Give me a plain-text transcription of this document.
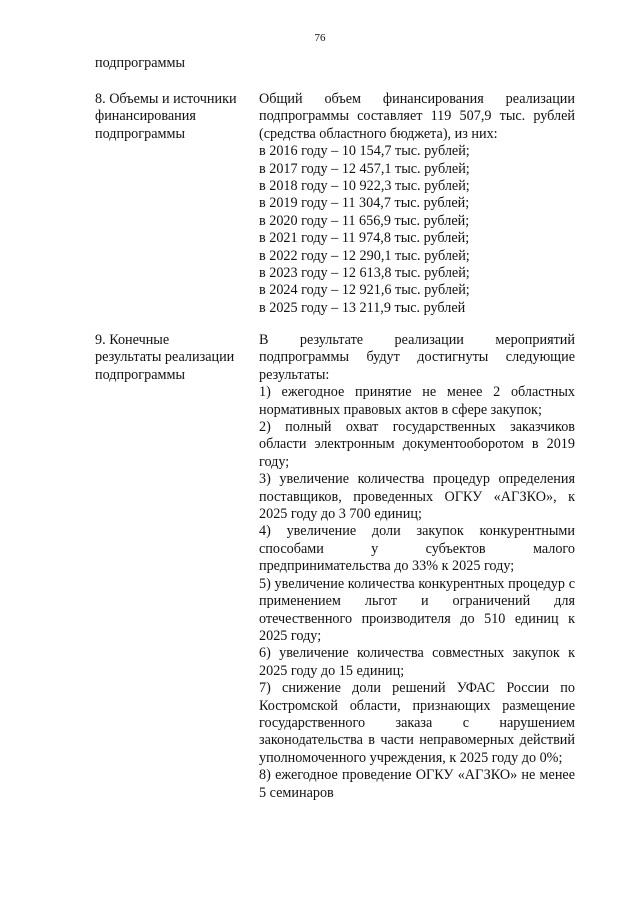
76
подпрограммы
8. Объемы и источники
финансирования
подпрограммы

Общий объем финансирования реализации подпрограммы составляет 119 507,9 тыс. рублей (средства областного бюджета), из них:

в 2016 году – 10 154,7 тыс. рублей;
в 2017 году – 12 457,1 тыс. рублей;
в 2018 году – 10 922,3 тыс. рублей;
в 2019 году – 11 304,7 тыс. рублей;
в 2020 году – 11 656,9 тыс. рублей;
в 2021 году – 11 974,8 тыс. рублей;
в 2022 году – 12 290,1 тыс. рублей;
в 2023 году – 12 613,8 тыс. рублей;
в 2024 году – 12 921,6 тыс. рублей;
в 2025 году – 13 211,9 тыс. рублей
9. Конечные
результаты реализации
подпрограммы

В результате реализации мероприятий подпрограммы будут достигнуты следующие результаты:

1) ежегодное принятие не менее 2 областных нормативных правовых актов в сфере закупок;

2) полный охват государственных заказчиков области электронным документооборотом в 2019 году;

3) увеличение количества процедур определения поставщиков, проведенных ОГКУ «АГЗКО», к 2025 году до 3 700 единиц;

4) увеличение доли закупок конкурентными способами у субъектов малого предпринимательства до 33% к 2025 году;

5) увеличение количества конкурентных процедур с применением льгот и ограничений для отечественного производителя до 510 единиц к 2025 году;

6) увеличение количества совместных закупок к 2025 году до 15 единиц;

7) снижение доли решений УФАС России по Костромской области, признающих размещение государственного заказа с нарушением законодательства в части неправомерных действий уполномоченного учреждения, к 2025 году до 0%;

8) ежегодное проведение ОГКУ «АГЗКО» не менее 5 семинаров
